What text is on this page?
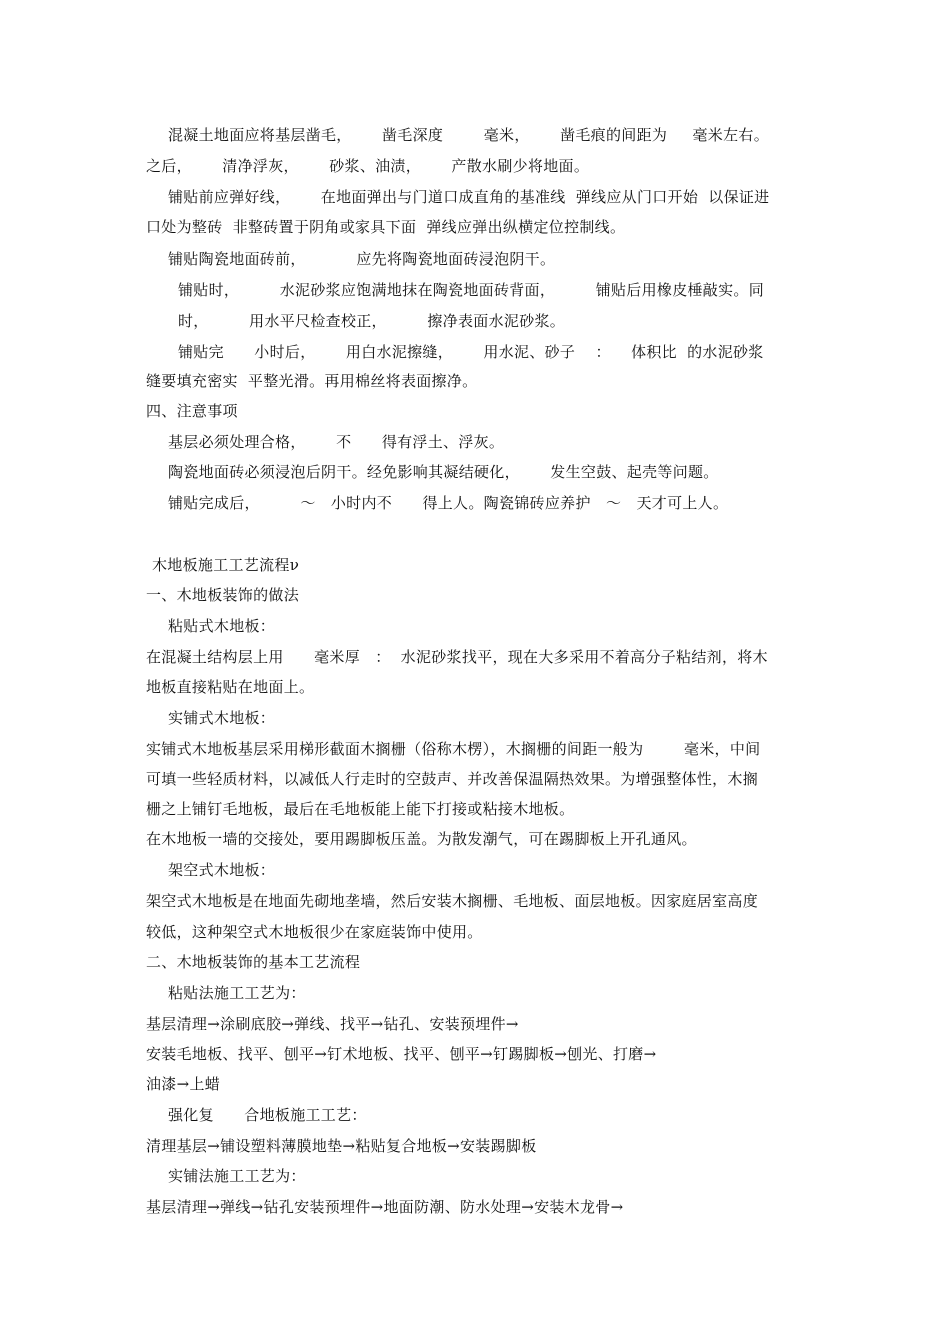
混凝土地面应将基层凿毛，      凿毛深度        毫米，      凿毛痕的间距为     毫米左右。
之后，      清净浮灰，      砂浆、油渍，      产散水刷少将地面。
铺贴前应弹好线，      在地面弹出与门道口成直角的基准线  弹线应从门口开始  以保证进
口处为整砖  非整砖置于阴角或家具下面  弹线应弹出纵横定位控制线。
铺贴陶瓷地面砖前，          应先将陶瓷地面砖浸泡阴干。
铺贴时，        水泥砂浆应饱满地抹在陶瓷地面砖背面，        铺贴后用橡皮棰敲实。同
时，        用水平尺检查校正，        擦净表面水泥砂浆。
铺贴完      小时后，      用白水泥擦缝，      用水泥、砂子    ：    体积比  的水泥砂浆
缝要填充密实  平整光滑。再用棉丝将表面擦净。
四、注意事项
基层必须处理合格，      不      得有浮土、浮灰。
陶瓷地面砖必须浸泡后阴干。经免影响其凝结硬化，      发生空鼓、起壳等问题。
铺贴完成后，        ～   小时内不      得上人。陶瓷锦砖应养护   ～   天才可上人。
木地板施工工艺流程ν
一、木地板装饰的做法
粘贴式木地板：
在混凝土结构层上用      毫米厚   ：  水泥砂浆找平，现在大多采用不着高分子粘结剂，将木
地板直接粘贴在地面上。
实铺式木地板：
实铺式木地板基层采用梯形截面木搁栅（俗称木楞），木搁栅的间距一般为        毫米，中间
可填一些轻质材料，以减低人行走时的空鼓声、并改善保温隔热效果。为增强整体性，木搁
栅之上铺钉毛地板，最后在毛地板能上能下打接或粘接木地板。
在木地板一墙的交接处，要用踢脚板压盖。为散发潮气，可在踢脚板上开孔通风。
架空式木地板：
架空式木地板是在地面先砌地垄墙，然后安装木搁栅、毛地板、面层地板。因家庭居室高度
较低，这种架空式木地板很少在家庭装饰中使用。
二、木地板装饰的基本工艺流程
粘贴法施工工艺为：
基层清理→涂刷底胶→弹线、找平→钻孔、安装预埋件→
安装毛地板、找平、刨平→钉术地板、找平、刨平→钉踢脚板→刨光、打磨→
油漆→上蜡
强化复      合地板施工工艺：
清理基层→铺设塑料薄膜地垫→粘贴复合地板→安装踢脚板
实铺法施工工艺为：
基层清理→弹线→钻孔安装预埋件→地面防潮、防水处理→安装木龙骨→
